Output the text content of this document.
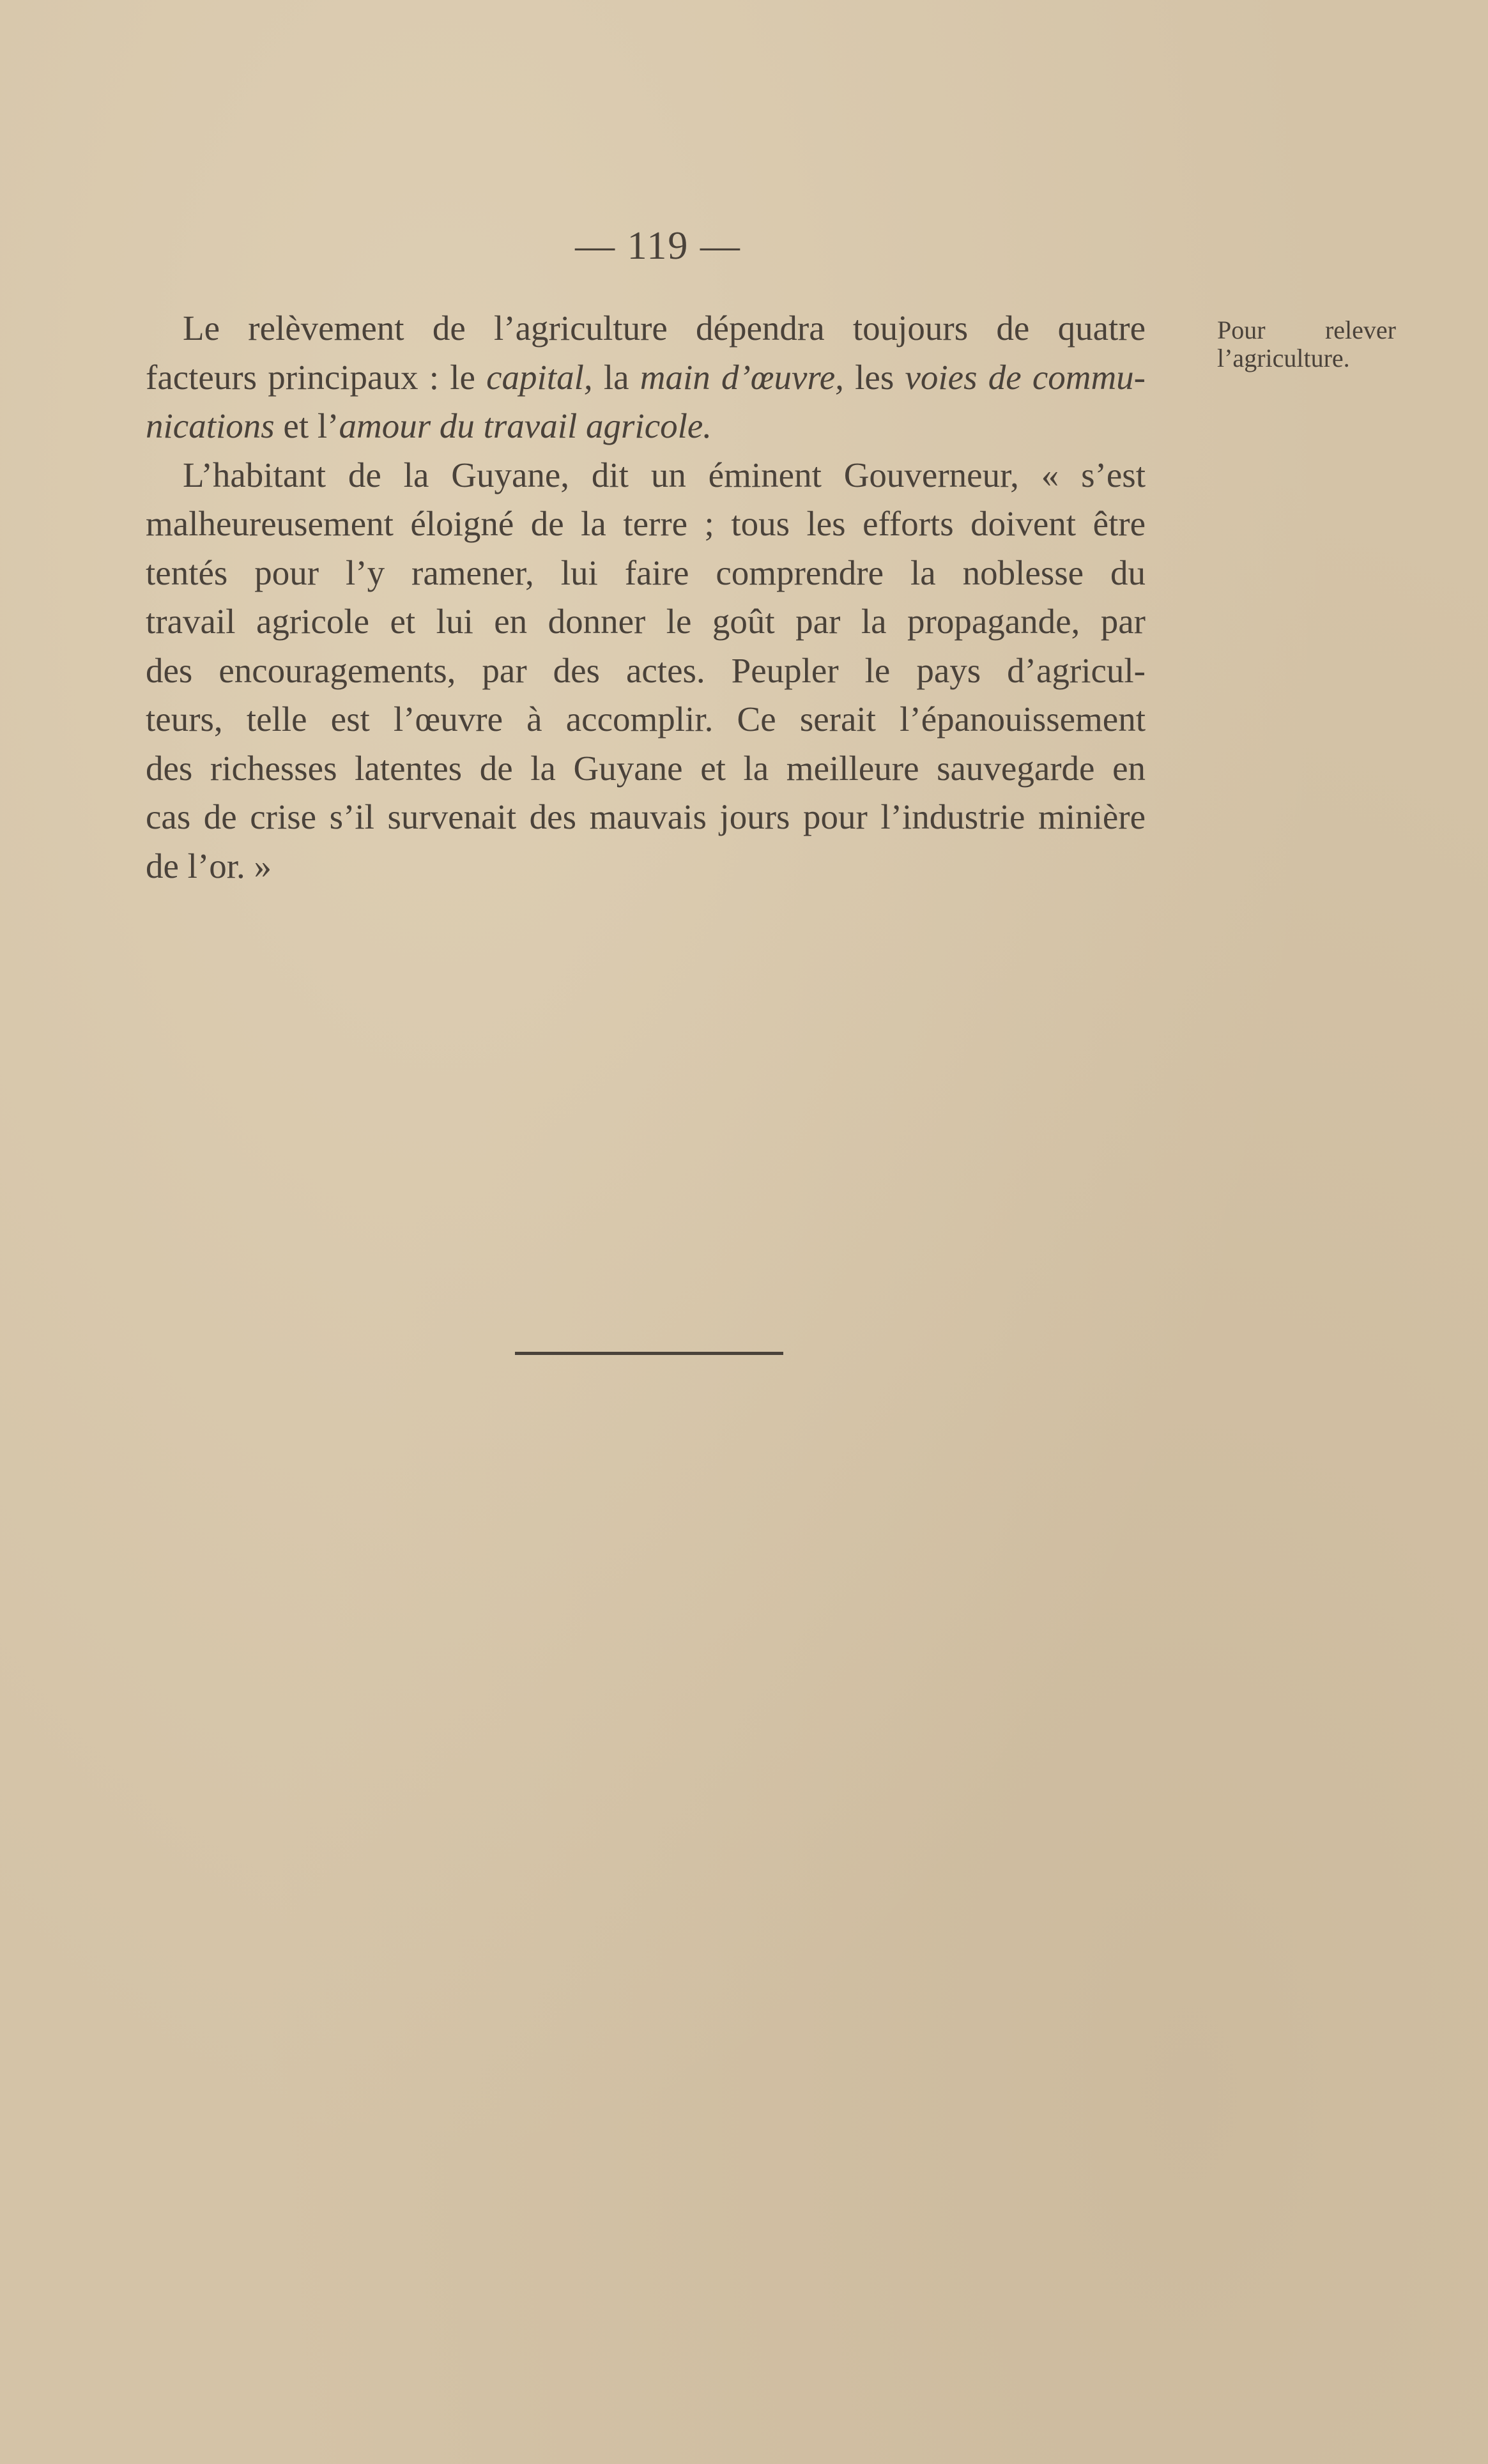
— 119 —
Pour relever
l’agriculture.
Le relèvement de l’agriculture dépendra toujours de quatre
facteurs principaux : le capital, la main d’œuvre, les voies de commu-
nications et l’amour du travail agricole.
L’habitant de la Guyane, dit un éminent Gouverneur, « s’est
malheureusement éloigné de la terre ; tous les efforts doivent être
tentés pour l’y ramener, lui faire comprendre la noblesse du
travail agricole et lui en donner le goût par la propagande, par
des encouragements, par des actes. Peupler le pays d’agricul-
teurs, telle est l’œuvre à accomplir. Ce serait l’épanouissement
des richesses latentes de la Guyane et la meilleure sauvegarde en
cas de crise s’il survenait des mauvais jours pour l’industrie minière
de l’or. »
